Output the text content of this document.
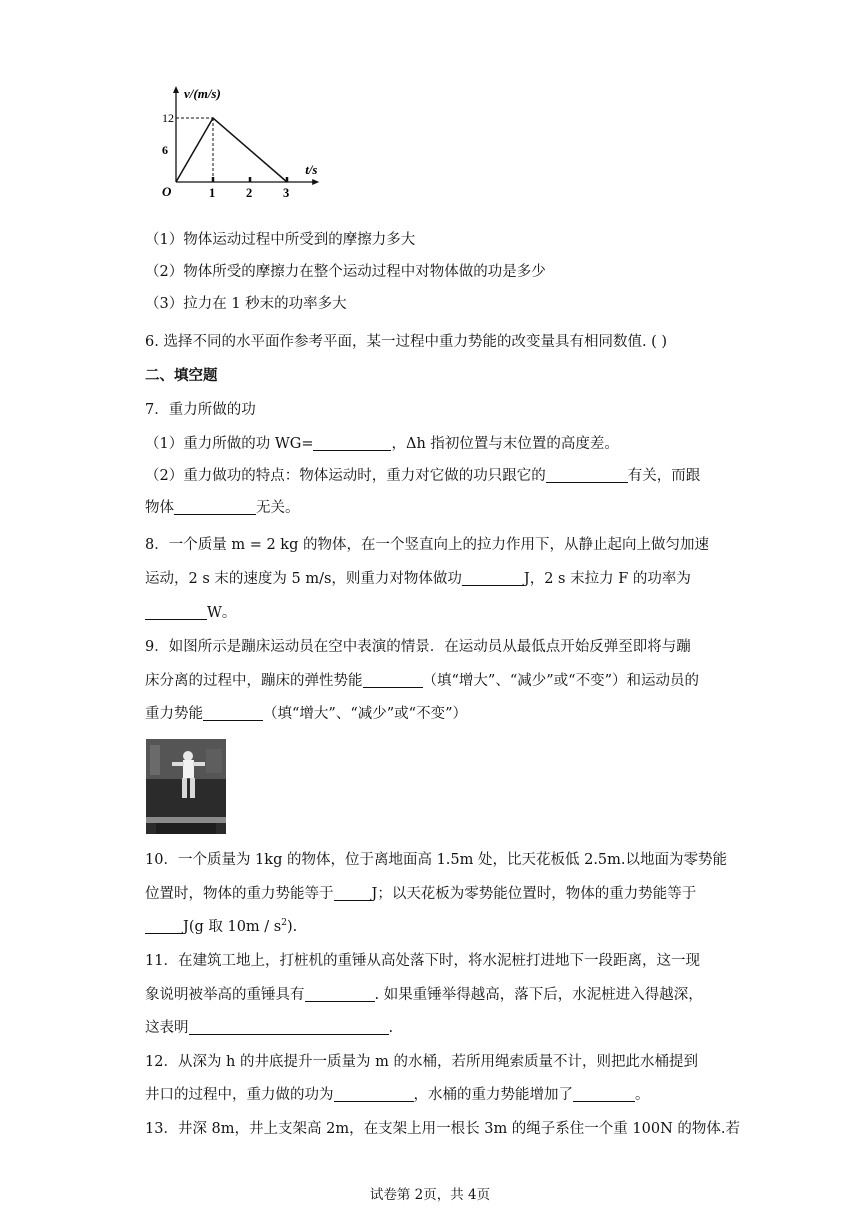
v/(m/s)
t/s
O	1 2 3
6
12
（1）物体运动过程中所受到的摩擦力多大
（2）物体所受的摩擦力在整个运动过程中对物体做的功是多少
（3）拉力在 1 秒末的功率多大
6. 选择不同的水平面作参考平面，某一过程中重力势能的改变量具有相同数值. ( )
二、填空题
7．重力所做的功
（1）重力所做的功 WG=	，Δh 指初位置与末位置的高度差。
（2）重力做功的特点：物体运动时，重力对它做的功只跟它的	有关，而跟
物体	无关。
8．一个质量 m = 2 kg 的物体，在一个竖直向上的拉力作用下，从静止起向上做匀加速
运动，2 s 末的速度为 5 m/s，则重力对物体做功	J，2 s 末拉力 F 的功率为
W。
9．如图所示是蹦床运动员在空中表演的情景．在运动员从最低点开始反弹至即将与蹦
床分离的过程中，蹦床的弹性势能	（填“增大”、“减少”或“不变”）和运动员的
重力势能	（填“增大”、“减少”或“不变”）
10．一个质量为 1kg 的物体，位于离地面高 1.5m 处，比天花板低 2.5m.以地面为零势能
位置时，物体的重力势能等于	J；以天花板为零势能位置时，物体的重力势能等于
J(g 取 $10m / s^2$).
11．在建筑工地上，打桩机的重锤从高处落下时，将水泥桩打进地下一段距离，这一现
象说明被举高的重锤具有	. 如果重锤举得越高，落下后，水泥桩进入得越深，
这表明	.
12．从深为 h 的井底提升一质量为 m 的水桶，若所用绳索质量不计，则把此水桶提到
井口的过程中，重力做的功为	，水桶的重力势能增加了	。
13．井深 8m，井上支架高 2m，在支架上用一根长 3m 的绳子系住一个重 100N 的物体.若
试卷第 2页，共 4页
